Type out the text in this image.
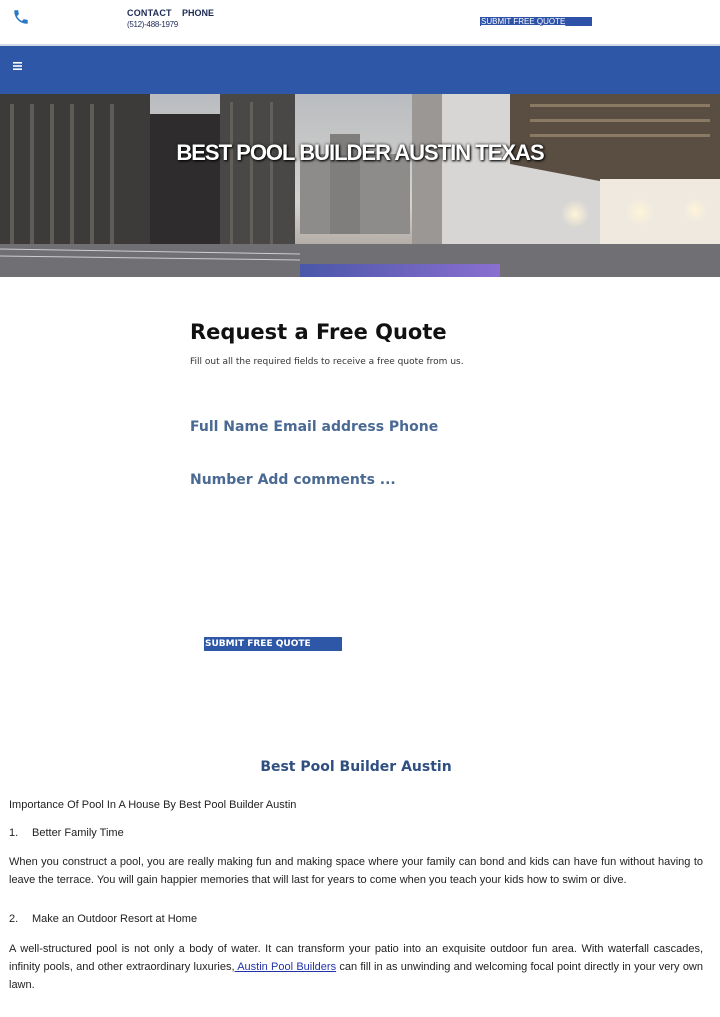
CONTACT PHONE
(512)-488-1979	SUBMIT FREE QUOTE
BEST POOL BUILDER AUSTIN TEXAS
Request a Free Quote
Fill out all the required fields to receive a free quote from us.
Full Name Email address Phone
Number Add comments ...
SUBMIT FREE QUOTE
Best Pool Builder Austin

Importance Of Pool In A House By Best Pool Builder Austin

1. Better Family Time

When you construct a pool, you are really making fun and making space where your family can bond and kids can have fun without having to leave the terrace. You will gain happier memories that will last for years to come when you teach your kids how to swim or dive.

2. Make an Outdoor Resort at Home

A well-structured pool is not only a body of water. It can transform your patio into an exquisite outdoor fun area. With waterfall cascades, infinity pools, and other extraordinary luxuries, Austin Pool Builders can fill in as unwinding and welcoming focal point directly in your very own lawn.
